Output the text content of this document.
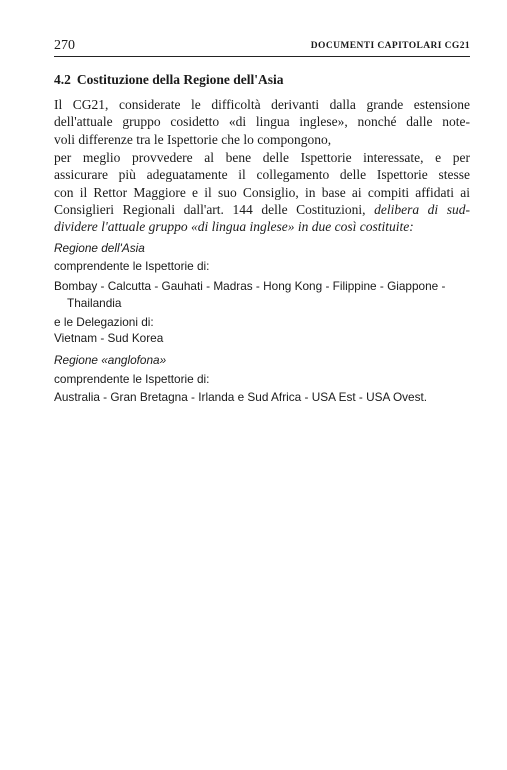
270	DOCUMENTI CAPITOLARI CG21
4.2 Costituzione della Regione dell'Asia
Il CG21, considerate le difficoltà derivanti dalla grande estensione
dell'attuale gruppo cosidetto «di lingua inglese», nonché dalle note-
voli differenze tra le Ispettorie che lo compongono,
per meglio provvedere al bene delle Ispettorie interessate, e per
assicurare più adeguatamente il collegamento delle Ispettorie stesse
con il Rettor Maggiore e il suo Consiglio, in base ai compiti affidati ai
Consiglieri Regionali dall'art. 144 delle Costituzioni, delibera di sud-
dividere l'attuale gruppo «di lingua inglese» in due così costituite:
Regione dell'Asia
comprendente le Ispettorie di:
Bombay - Calcutta - Gauhati - Madras - Hong Kong - Filippine - Giappone -
Thailandia
e le Delegazioni di:
Vietnam - Sud Korea
Regione «anglofona»
comprendente le Ispettorie di:
Australia - Gran Bretagna - Irlanda e Sud Africa - USA Est - USA Ovest.
